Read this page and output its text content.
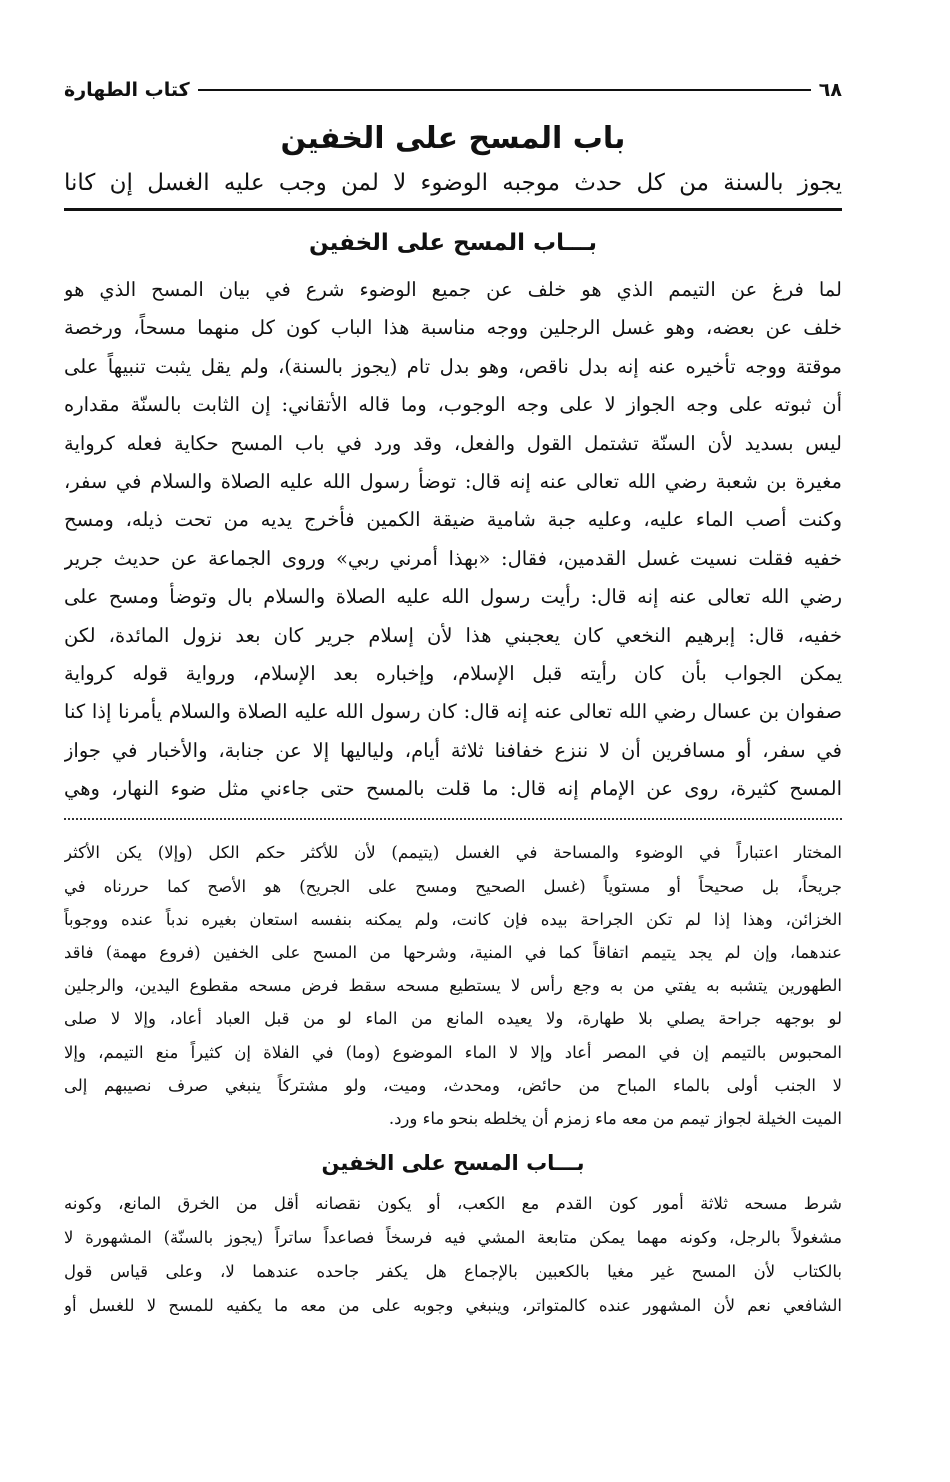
٦٨
كتاب الطهارة
باب المسح على الخفين
يجوز بالسنة من كل حدث موجبه الوضوء لا لمن وجب عليه الغسل إن كانا
بـــاب المسح على الخفين
لما فرغ عن التيمم الذي هو خلف عن جميع الوضوء شرع في بيان المسح الذي هو
خلف عن بعضه، وهو غسل الرجلين ووجه مناسبة هذا الباب كون كل منهما مسحاً، ورخصة
موقتة ووجه تأخيره عنه إنه بدل ناقص، وهو بدل تام (يجوز بالسنة)، ولم يقل يثبت تنبيهاً على
أن ثبوته على وجه الجواز لا على وجه الوجوب، وما قاله الأتقاني: إن الثابت بالسنّة مقداره
ليس بسديد لأن السنّة تشتمل القول والفعل، وقد ورد في باب المسح حكاية فعله كرواية
مغيرة بن شعبة رضي الله تعالى عنه إنه قال: توضأ رسول الله عليه الصلاة والسلام في سفر،
وكنت أصب الماء عليه، وعليه جبة شامية ضيقة الكمين فأخرج يديه من تحت ذيله، ومسح
خفيه فقلت نسيت غسل القدمين، فقال: «بهذا أمرني ربي» وروى الجماعة عن حديث جرير
رضي الله تعالى عنه إنه قال: رأيت رسول الله عليه الصلاة والسلام بال وتوضأ ومسح على
خفيه، قال: إبرهيم النخعي كان يعجبني هذا لأن إسلام جرير كان بعد نزول المائدة، لكن
يمكن الجواب بأن كان رأيته قبل الإسلام، وإخباره بعد الإسلام، ورواية قوله كرواية
صفوان بن عسال رضي الله تعالى عنه إنه قال: كان رسول الله عليه الصلاة والسلام يأمرنا إذا كنا
في سفر، أو مسافرين أن لا ننزع خفافنا ثلاثة أيام، ولياليها إلا عن جنابة، والأخبار في جواز
المسح كثيرة، روى عن الإمام إنه قال: ما قلت بالمسح حتى جاءني مثل ضوء النهار، وهي
المختار اعتباراً في الوضوء والمساحة في الغسل (يتيمم) لأن للأكثر حكم الكل (وإلا) يكن الأكثر
جريحاً، بل صحيحاً أو مستوياً (غسل الصحيح ومسح على الجريح) هو الأصح كما حررناه في
الخزائن، وهذا إذا لم تكن الجراحة بيده فإن كانت، ولم يمكنه بنفسه استعان بغيره ندباً عنده ووجوباً
عندهما، وإن لم يجد يتيمم اتفاقاً كما في المنية، وشرحها من المسح على الخفين (فروع مهمة) فاقد
الطهورين يتشبه به يفتي من به وجع رأس لا يستطيع مسحه سقط فرض مسحه مقطوع اليدين، والرجلين
لو بوجهه جراحة يصلي بلا طهارة، ولا يعيده المانع من الماء لو من قبل العباد أعاد، وإلا لا صلى
المحبوس بالتيمم إن في المصر أعاد وإلا لا الماء الموضوع (وما) في الفلاة إن كثيراً منع التيمم، وإلا
لا الجنب أولى بالماء المباح من حائض، ومحدث، وميت، ولو مشتركاً ينبغي صرف نصيبهم إلى
الميت الخيلة لجواز تيمم من معه ماء زمزم أن يخلطه بنحو ماء ورد.
بـــاب المسح على الخفين
شرط مسحه ثلاثة أمور كون القدم مع الكعب، أو يكون نقصانه أقل من الخرق المانع، وكونه
مشغولاً بالرجل، وكونه مهما يمكن متابعة المشي فيه فرسخاً فصاعداً ساتراً (يجوز بالسنّة) المشهورة لا
بالكتاب لأن المسح غير مغيا بالكعبين بالإجماع هل يكفر جاحده عندهما لا، وعلى قياس قول
الشافعي نعم لأن المشهور عنده كالمتواتر، وينبغي وجوبه على من معه ما يكفيه للمسح لا للغسل أو
